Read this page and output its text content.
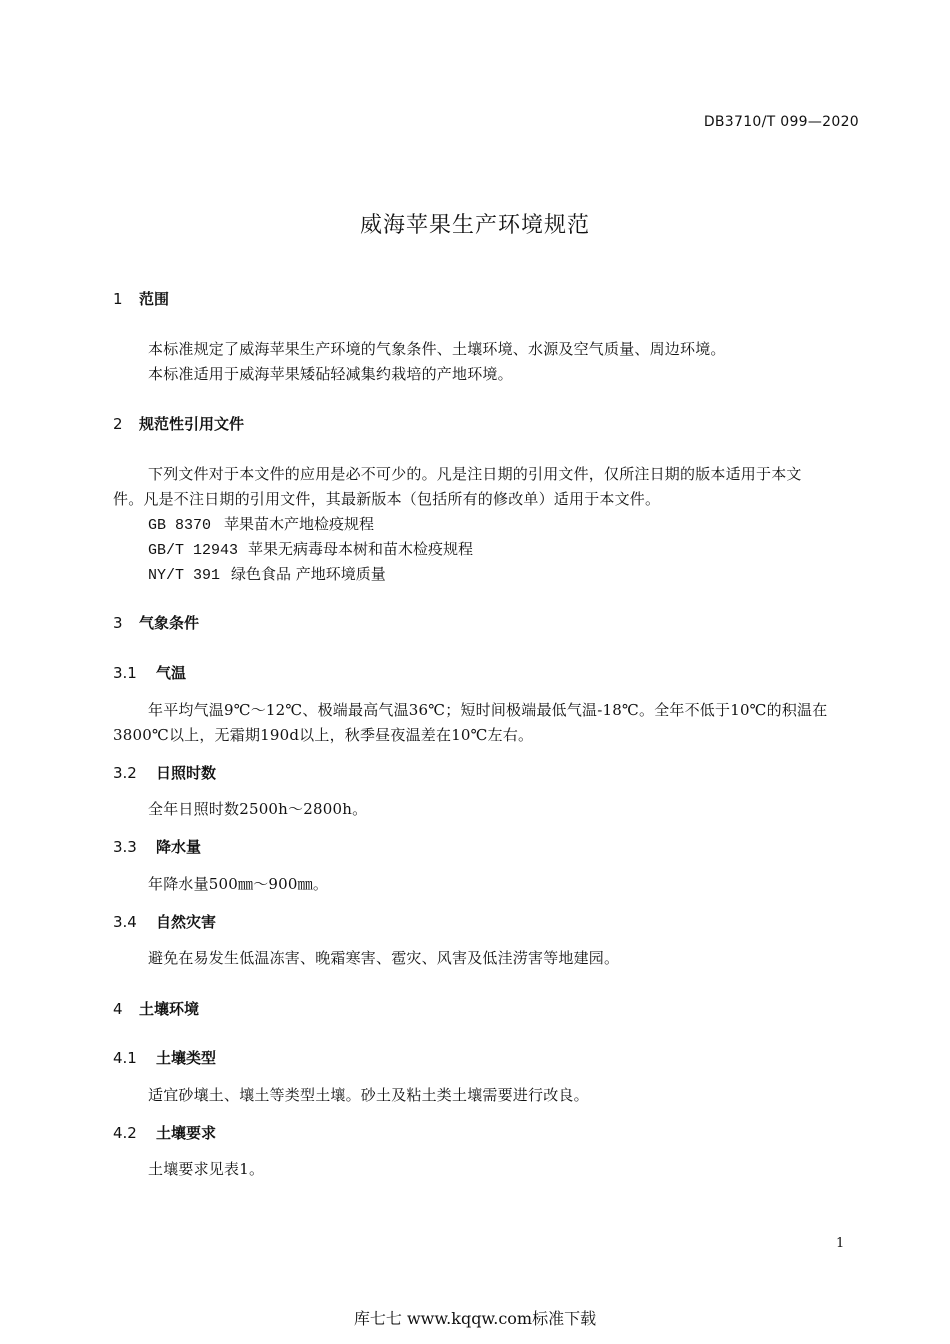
DB3710/T 099—2020
威海苹果生产环境规范
1 范围
本标准规定了威海苹果生产环境的气象条件、土壤环境、水源及空气质量、周边环境。
本标准适用于威海苹果矮砧轻减集约栽培的产地环境。
2 规范性引用文件
下列文件对于本文件的应用是必不可少的。凡是注日期的引用文件，仅所注日期的版本适用于本文
件。凡是不注日期的引用文件，其最新版本（包括所有的修改单）适用于本文件。
GB 8370 苹果苗木产地检疫规程
GB/T 12943 苹果无病毒母本树和苗木检疫规程
NY/T 391 绿色食品 产地环境质量
3 气象条件
3.1 气温
年平均气温9℃～12℃、极端最高气温36℃；短时间极端最低气温-18℃。全年不低于10℃的积温在
3800℃以上，无霜期190d以上，秋季昼夜温差在10℃左右。
3.2 日照时数
全年日照时数2500h～2800h。
3.3 降水量
年降水量500㎜～900㎜。
3.4 自然灾害
避免在易发生低温冻害、晚霜寒害、雹灾、风害及低洼涝害等地建园。
4 土壤环境
4.1 土壤类型
适宜砂壤土、壤土等类型土壤。砂土及粘土类土壤需要进行改良。
4.2 土壤要求
土壤要求见表1。
1
库七七 www.kqqw.com标准下载
